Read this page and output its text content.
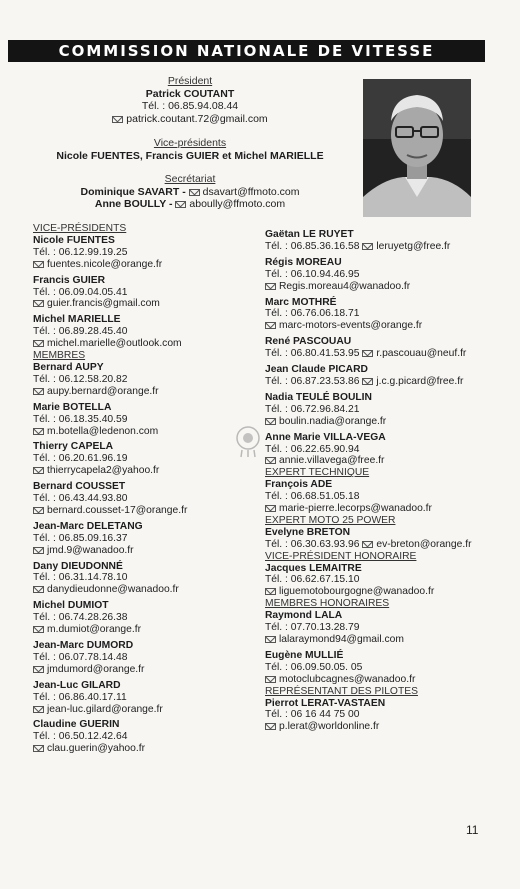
COMMISSION NATIONALE DE VITESSE
Président
Patrick COUTANT
Tél. : 06.85.94.08.44
patrick.coutant.72@gmail.com
Vice-présidents
Nicole FUENTES, Francis GUIER et Michel MARIELLE
Secrétariat
Dominique SAVART - dsavart@ffmoto.com
Anne BOULLY - aboully@ffmoto.com
VICE-PRÉSIDENTS
Nicole FUENTES
Tél. : 06.12.99.19.25
fuentes.nicole@orange.fr
Francis GUIER
Tél. : 06.09.04.05.41
guier.francis@gmail.com
Michel MARIELLE
Tél. : 06.89.28.45.40
michel.marielle@outlook.com
MEMBRES
Bernard AUPY
Tél. : 06.12.58.20.82
aupy.bernard@orange.fr
Marie BOTELLA
Tél. : 06.18.35.40.59
m.botella@ledenon.com
Thierry CAPELA
Tél. : 06.20.61.96.19
thierrycapela2@yahoo.fr
Bernard COUSSET
Tél. : 06.43.44.93.80
bernard.cousset-17@orange.fr
Jean-Marc DELETANG
Tél. : 06.85.09.16.37
jmd.9@wanadoo.fr
Dany DIEUDONNÉ
Tél. : 06.31.14.78.10
danydieudonne@wanadoo.fr
Michel DUMIOT
Tél. : 06.74.28.26.38
m.dumiot@orange.fr
Jean-Marc DUMORD
Tél. : 06.07.78.14.48
jmdumord@orange.fr
Jean-Luc GILARD
Tél. : 06.86.40.17.11
jean-luc.gilard@orange.fr
Claudine GUERIN
Tél. : 06.50.12.42.64
clau.guerin@yahoo.fr
Gaëtan LE RUYET
Tél. : 06.85.36.16.58 leruyetg@free.fr
Régis MOREAU
Tél. : 06.10.94.46.95
Regis.moreau4@wanadoo.fr
Marc MOTHRÉ
Tél. : 06.76.06.18.71
marc-motors-events@orange.fr
René PASCOUAU
Tél. : 06.80.41.53.95 r.pascouau@neuf.fr
Jean Claude PICARD
Tél. : 06.87.23.53.86 j.c.g.picard@free.fr
Nadia TEULÉ BOULIN
Tél. : 06.72.96.84.21
boulin.nadia@orange.fr
Anne Marie VILLA-VEGA
Tél. : 06.22.65.90.94
annie.villavega@free.fr
EXPERT TECHNIQUE
François ADE
Tél. : 06.68.51.05.18
marie-pierre.lecorps@wanadoo.fr
EXPERT MOTO 25 POWER
Evelyne BRETON
Tél. : 06.30.63.93.96 ev-breton@orange.fr
VICE-PRÉSIDENT HONORAIRE
Jacques LEMAITRE
Tél. : 06.62.67.15.10
liguemotobourgogne@wanadoo.fr
MEMBRES HONORAIRES
Raymond LALA
Tél. : 07.70.13.28.79
lalaraymond94@gmail.com
Eugène MULLIÉ
Tél. : 06.09.50.05. 05
motoclubcagnes@wanadoo.fr
REPRÉSENTANT DES PILOTES
Pierrot LERAT-VASTAEN
Tél. : 06 16 44 75 00
p.lerat@worldonline.fr
11
